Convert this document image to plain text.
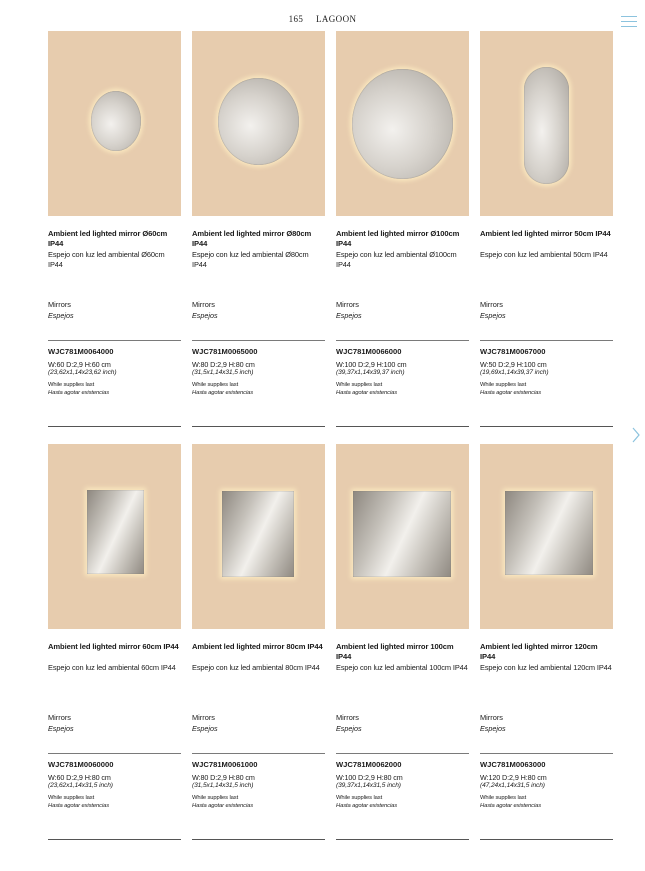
165 LAGOON
Ambient led lighted mirror Ø60cm IP44
Espejo con luz led ambiental Ø60cm IP44
Mirrors
Espejos
WJC781M0064000
W:60 D:2,9 H:60 cm
(23,62x1,14x23,62 inch)
While supplies last
Hasta agotar existencias
Ambient led lighted mirror Ø80cm IP44
Espejo con luz led ambiental Ø80cm IP44
Mirrors
Espejos
WJC781M0065000
W:80 D:2,9 H:80 cm
(31,5x1,14x31,5 inch)
While supplies last
Hasta agotar existencias
Ambient led lighted mirror Ø100cm IP44
Espejo con luz led ambiental Ø100cm IP44
Mirrors
Espejos
WJC781M0066000
W:100 D:2,9 H:100 cm
(39,37x1,14x39,37 inch)
While supplies last
Hasta agotar existencias
Ambient led lighted mirror 50cm IP44
Espejo con luz led ambiental 50cm IP44
Mirrors
Espejos
WJC781M0067000
W:50 D:2,9 H:100 cm
(19,69x1,14x39,37 inch)
While supplies last
Hasta agotar existencias
Ambient led lighted mirror 60cm IP44
Espejo con luz led ambiental 60cm IP44
Mirrors
Espejos
WJC781M0060000
W:60 D:2,9 H:80 cm
(23,62x1,14x31,5 inch)
While supplies last
Hasta agotar existencias
Ambient led lighted mirror 80cm IP44
Espejo con luz led ambiental 80cm IP44
Mirrors
Espejos
WJC781M0061000
W:80 D:2,9 H:80 cm
(31,5x1,14x31,5 inch)
While supplies last
Hasta agotar existencias
Ambient led lighted mirror 100cm IP44
Espejo con luz led ambiental 100cm IP44
Mirrors
Espejos
WJC781M0062000
W:100 D:2,9 H:80 cm
(39,37x1,14x31,5 inch)
While supplies last
Hasta agotar existencias
Ambient led lighted mirror 120cm IP44
Espejo con luz led ambiental 120cm IP44
Mirrors
Espejos
WJC781M0063000
W:120 D:2,9 H:80 cm
(47,24x1,14x31,5 inch)
While supplies last
Hasta agotar existencias
